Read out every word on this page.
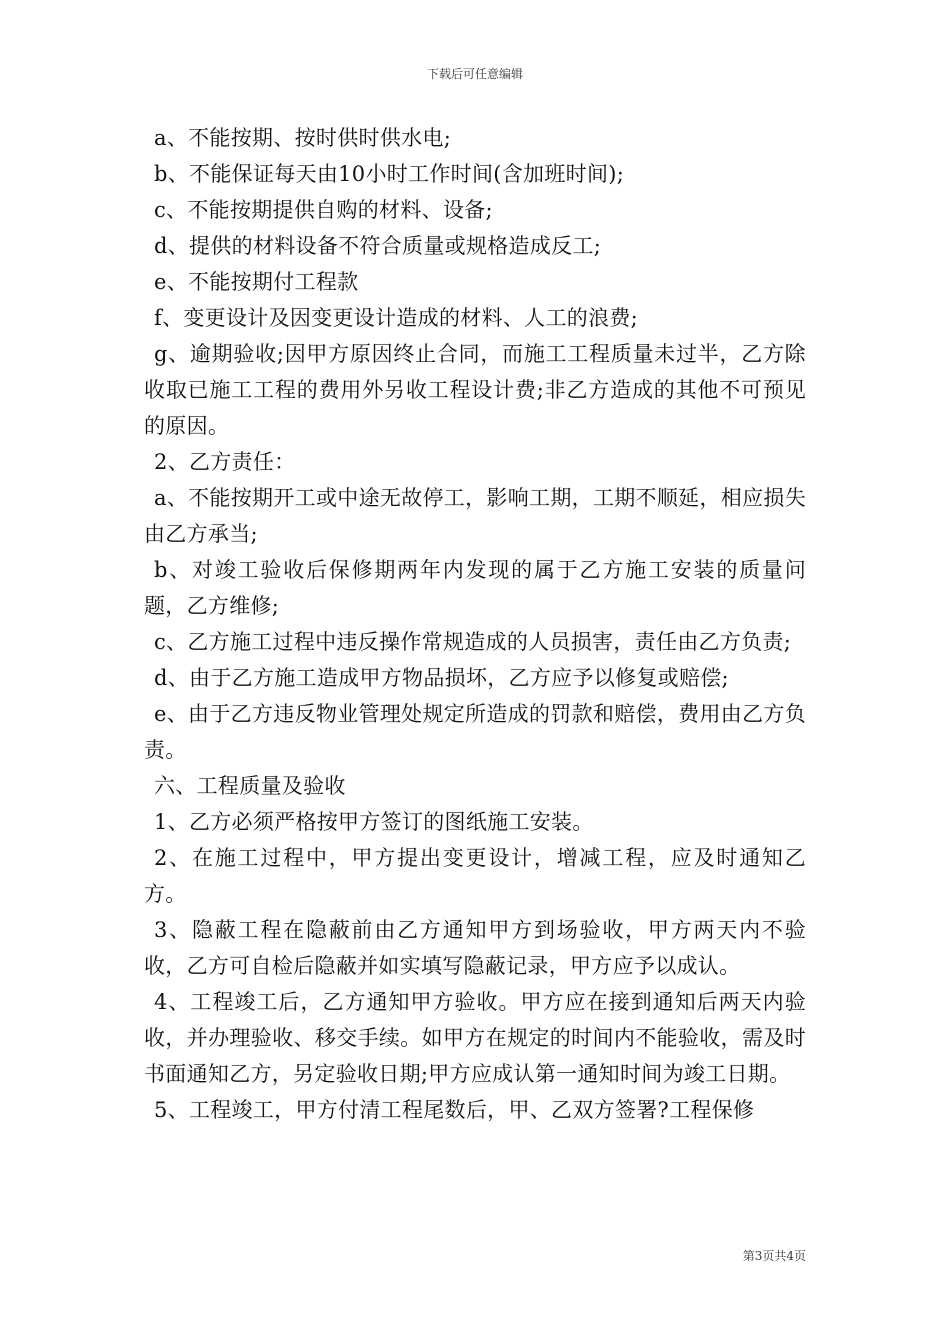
下载后可任意编辑

a、不能按期、按时供时供水电;

b、不能保证每天由10小时工作时间(含加班时间);

c、不能按期提供自购的材料、设备;

d、提供的材料设备不符合质量或规格造成反工;

e、不能按期付工程款

f、变更设计及因变更设计造成的材料、人工的浪费;

g、逾期验收;因甲方原因终止合同，而施工工程质量未过半，乙方除收取已施工工程的费用外另收工程设计费;非乙方造成的其他不可预见的原因。

2、乙方责任：

a、不能按期开工或中途无故停工，影响工期，工期不顺延，相应损失由乙方承当;

b、对竣工验收后保修期两年内发现的属于乙方施工安装的质量问题，乙方维修;

c、乙方施工过程中违反操作常规造成的人员损害，责任由乙方负责;

d、由于乙方施工造成甲方物品损坏，乙方应予以修复或赔偿;

e、由于乙方违反物业管理处规定所造成的罚款和赔偿，费用由乙方负责。

六、工程质量及验收

1、乙方必须严格按甲方签订的图纸施工安装。

2、在施工过程中，甲方提出变更设计，增减工程，应及时通知乙方。

3、隐蔽工程在隐蔽前由乙方通知甲方到场验收，甲方两天内不验收，乙方可自检后隐蔽并如实填写隐蔽记录，甲方应予以成认。

4、工程竣工后，乙方通知甲方验收。甲方应在接到通知后两天内验收，并办理验收、移交手续。如甲方在规定的时间内不能验收，需及时书面通知乙方，另定验收日期;甲方应成认第一通知时间为竣工日期。

5、工程竣工，甲方付清工程尾数后，甲、乙双方签署?工程保修

第3页共4页
